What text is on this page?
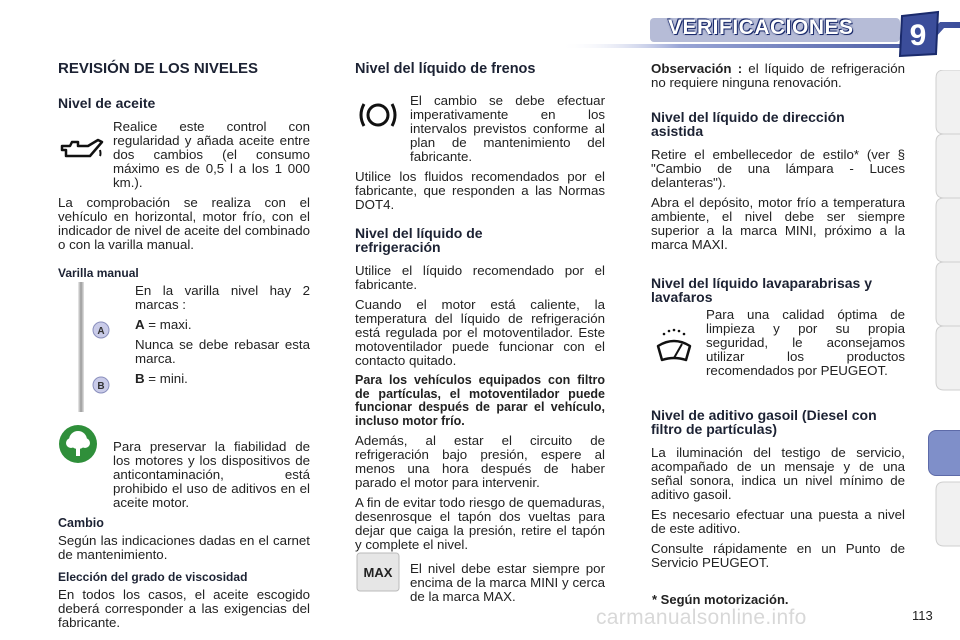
VERIFICACIONES 9
REVISIÓN DE LOS NIVELES
Nivel de aceite

Realice este control con regularidad y añada aceite entre dos cambios (el consumo máximo es de 0,5 l a los 1 000 km.).

La comprobación se realiza con el vehículo en horizontal, motor frío, con el indicador de nivel de aceite del combinado o con la varilla manual.

Varilla manual

En la varilla nivel hay 2 marcas :

A = maxi.

Nunca se debe rebasar esta marca.

B = mini.

Para preservar la fiabilidad de los motores y los dispositivos de anticontaminación, está prohibido el uso de aditivos en el aceite motor.

Cambio

Según las indicaciones dadas en el carnet de mantenimiento.

Elección del grado de viscosidad

En todos los casos, el aceite escogido deberá corresponder a las exigencias del fabricante.

A
B
Nivel del líquido de frenos

El cambio se debe efectuar imperativamente en los intervalos previstos conforme al plan de mantenimiento del fabricante.

Utilice los fluidos recomendados por el fabricante, que responden a las Normas DOT4.

Nivel del líquido de refrigeración

Utilice el líquido recomendado por el fabricante.

Cuando el motor está caliente, la temperatura del líquido de refrigeración está regulada por el motoventilador. Este motoventilador puede funcionar con el contacto quitado.

Para los vehículos equipados con filtro de partículas, el motoventilador puede funcionar después de parar el vehículo, incluso motor frío.

Además, al estar el circuito de refrigeración bajo presión, espere al menos una hora después de haber parado el motor para intervenir.

A fin de evitar todo riesgo de quemaduras, desenrosque el tapón dos vueltas para dejar que caiga la presión, retire el tapón y complete el nivel.

El nivel debe estar siempre por encima de la marca MINI y cerca de la marca MAX.

MAX

Observación : el líquido de refrigeración no requiere ninguna renovación.

Nivel del líquido de dirección asistida

Retire el embellecedor de estilo* (ver § "Cambio de una lámpara - Luces delanteras").

Abra el depósito, motor frío a temperatura ambiente, el nivel debe ser siempre superior a la marca MINI, próximo a la marca MAXI.

Nivel del líquido lavaparabrisas y lavafaros

Para una calidad óptima de limpieza y por su propia seguridad, le aconsejamos utilizar los productos recomendados por PEUGEOT.

Nivel de aditivo gasoil (Diesel con filtro de partículas)

La iluminación del testigo de servicio, acompañado de un mensaje y de una señal sonora, indica un nivel mínimo de aditivo gasoil.

Es necesario efectuar una puesta a nivel de este aditivo.

Consulte rápidamente en un Punto de Servicio PEUGEOT.

* Según motorización.
carmanualsonline.info	113
